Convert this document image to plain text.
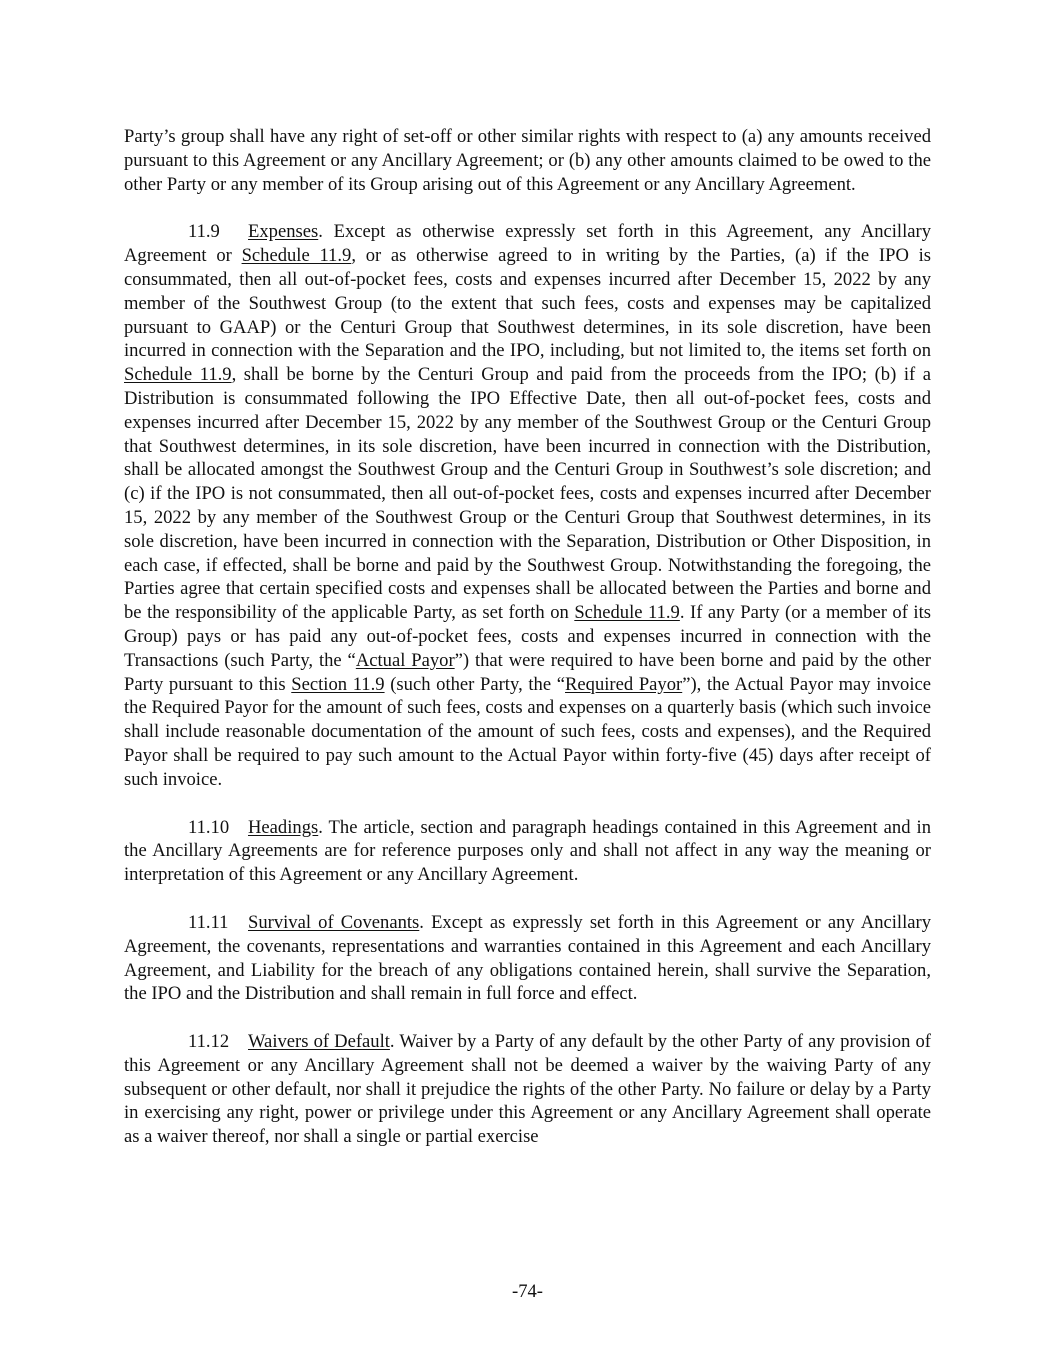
Party’s group shall have any right of set-off or other similar rights with respect to (a) any amounts received pursuant to this Agreement or any Ancillary Agreement; or (b) any other amounts claimed to be owed to the other Party or any member of its Group arising out of this Agreement or any Ancillary Agreement.

11.9 Expenses. Except as otherwise expressly set forth in this Agreement, any Ancillary Agreement or Schedule 11.9, or as otherwise agreed to in writing by the Parties, (a) if the IPO is consummated, then all out-of-pocket fees, costs and expenses incurred after December 15, 2022 by any member of the Southwest Group (to the extent that such fees, costs and expenses may be capitalized pursuant to GAAP) or the Centuri Group that Southwest determines, in its sole discretion, have been incurred in connection with the Separation and the IPO, including, but not limited to, the items set forth on Schedule 11.9, shall be borne by the Centuri Group and paid from the proceeds from the IPO; (b) if a Distribution is consummated following the IPO Effective Date, then all out-of-pocket fees, costs and expenses incurred after December 15, 2022 by any member of the Southwest Group or the Centuri Group that Southwest determines, in its sole discretion, have been incurred in connection with the Distribution, shall be allocated amongst the Southwest Group and the Centuri Group in Southwest’s sole discretion; and (c) if the IPO is not consummated, then all out-of-pocket fees, costs and expenses incurred after December 15, 2022 by any member of the Southwest Group or the Centuri Group that Southwest determines, in its sole discretion, have been incurred in connection with the Separation, Distribution or Other Disposition, in each case, if effected, shall be borne and paid by the Southwest Group. Notwithstanding the foregoing, the Parties agree that certain specified costs and expenses shall be allocated between the Parties and borne and be the responsibility of the applicable Party, as set forth on Schedule 11.9. If any Party (or a member of its Group) pays or has paid any out-of-pocket fees, costs and expenses incurred in connection with the Transactions (such Party, the “Actual Payor”) that were required to have been borne and paid by the other Party pursuant to this Section 11.9 (such other Party, the “Required Payor”), the Actual Payor may invoice the Required Payor for the amount of such fees, costs and expenses on a quarterly basis (which such invoice shall include reasonable documentation of the amount of such fees, costs and expenses), and the Required Payor shall be required to pay such amount to the Actual Payor within forty-five (45) days after receipt of such invoice.

11.10 Headings. The article, section and paragraph headings contained in this Agreement and in the Ancillary Agreements are for reference purposes only and shall not affect in any way the meaning or interpretation of this Agreement or any Ancillary Agreement.

11.11 Survival of Covenants. Except as expressly set forth in this Agreement or any Ancillary Agreement, the covenants, representations and warranties contained in this Agreement and each Ancillary Agreement, and Liability for the breach of any obligations contained herein, shall survive the Separation, the IPO and the Distribution and shall remain in full force and effect.

11.12 Waivers of Default. Waiver by a Party of any default by the other Party of any provision of this Agreement or any Ancillary Agreement shall not be deemed a waiver by the waiving Party of any subsequent or other default, nor shall it prejudice the rights of the other Party. No failure or delay by a Party in exercising any right, power or privilege under this Agreement or any Ancillary Agreement shall operate as a waiver thereof, nor shall a single or partial exercise

-74-
